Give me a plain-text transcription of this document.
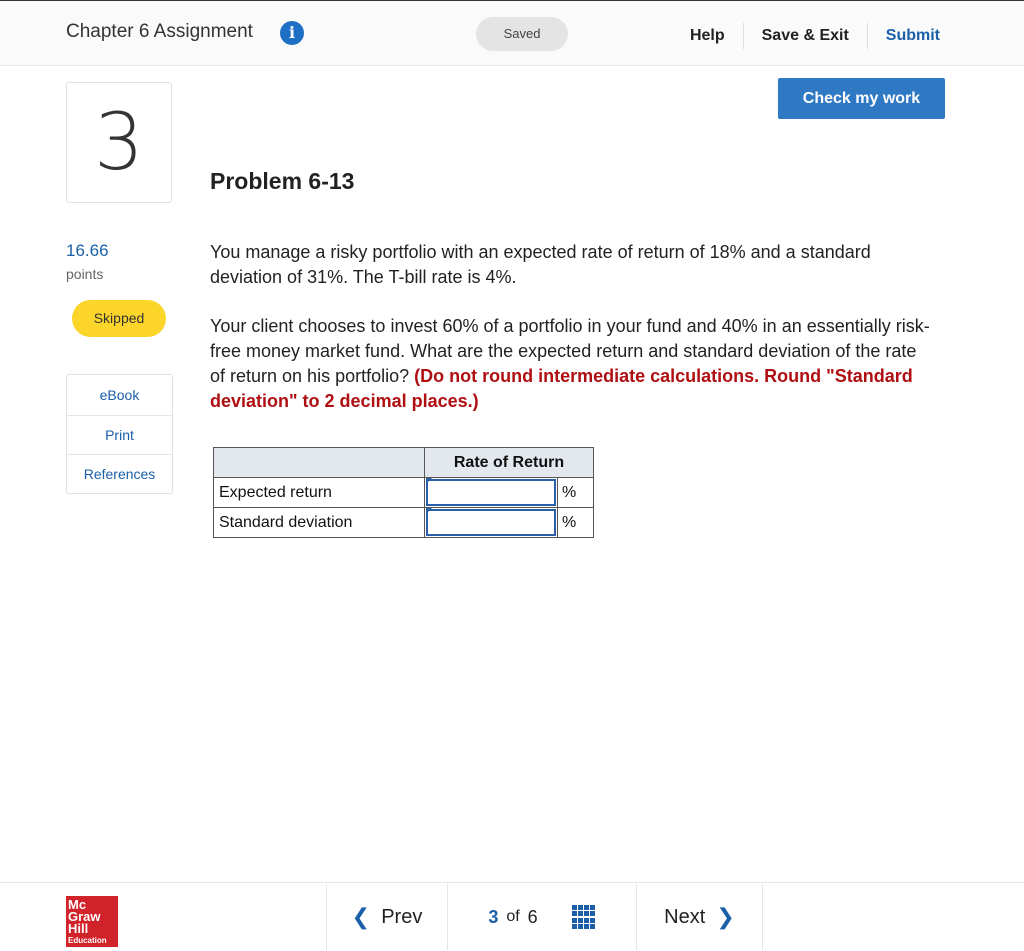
Chapter 6 Assignment	i	Saved	Help	Save & Exit	Submit
Check my work
3	Problem 6-13
16.66
points
Skipped
eBook
Print
References
You manage a risky portfolio with an expected rate of return of 18% and a standard deviation of 31%. The T-bill rate is 4%.
Your client chooses to invest 60% of a portfolio in your fund and 40% in an essentially risk-free money market fund. What are the expected return and standard deviation of the rate of return on his portfolio? (Do not round intermediate calculations. Round "Standard deviation" to 2 decimal places.)
	Rate of Return	
Expected return		%
Standard deviation		%
Mc
Graw
Hill
Education
❮
Prev	3 of 6	Next
❯
